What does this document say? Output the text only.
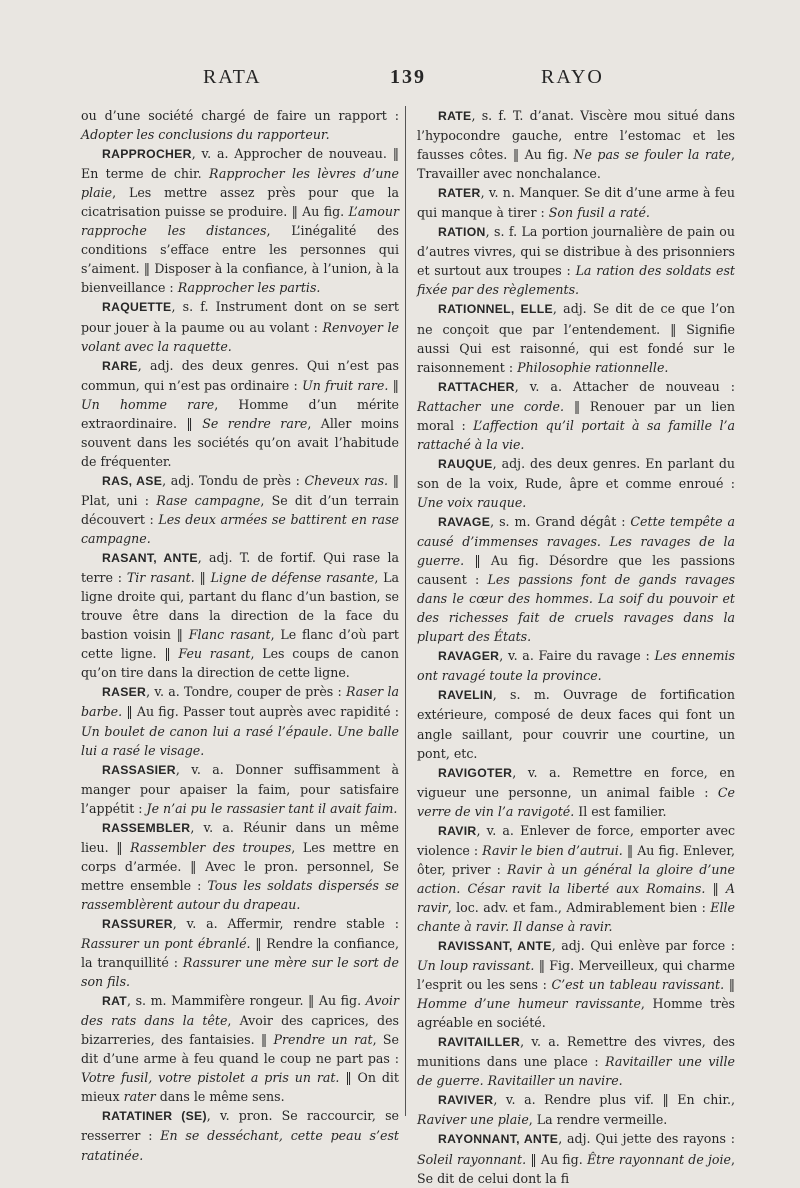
RATA	139	RAYO

ou d’une société chargé de faire un rapport : Adopter les conclusions du rapporteur.

RAPPROCHER, v. a. Approcher de nouveau. ‖ En terme de chir. Rapprocher les lèvres d’une plaie, Les mettre assez près pour que la cicatrisation puisse se produire. ‖ Au fig. L’amour rapproche les distances, L’inégalité des conditions s’efface entre les personnes qui s’aiment. ‖ Disposer à la confiance, à l’union, à la bienveillance : Rapprocher les partis.

RAQUETTE, s. f. Instrument dont on se sert pour jouer à la paume ou au volant : Renvoyer le volant avec la raquette.

RARE, adj. des deux genres. Qui n’est pas commun, qui n’est pas ordinaire : Un fruit rare. ‖ Un homme rare, Homme d’un mérite extraordinaire. ‖ Se rendre rare, Aller moins souvent dans les sociétés qu’on avait l’habitude de fréquenter.

RAS, ASE, adj. Tondu de près : Cheveux ras. ‖ Plat, uni : Rase campagne, Se dit d’un terrain découvert : Les deux armées se battirent en rase campagne.

RASANT, ANTE, adj. T. de fortif. Qui rase la terre : Tir rasant. ‖ Ligne de défense rasante, La ligne droite qui, partant du flanc d’un bastion, se trouve être dans la direction de la face du bastion voisin ‖ Flanc rasant, Le flanc d’où part cette ligne. ‖ Feu rasant, Les coups de canon qu’on tire dans la direction de cette ligne.

RASER, v. a. Tondre, couper de près : Raser la barbe. ‖ Au fig. Passer tout auprès avec rapidité : Un boulet de canon lui a rasé l’épaule. Une balle lui a rasé le visage.

RASSASIER, v. a. Donner suffisamment à manger pour apaiser la faim, pour satisfaire l’appétit : Je n’ai pu le rassasier tant il avait faim.

RASSEMBLER, v. a. Réunir dans un même lieu. ‖ Rassembler des troupes, Les mettre en corps d’armée. ‖ Avec le pron. personnel, Se mettre ensemble : Tous les soldats dispersés se rassemblèrent autour du drapeau.

RASSURER, v. a. Affermir, rendre stable : Rassurer un pont ébranlé. ‖ Rendre la confiance, la tranquillité : Rassurer une mère sur le sort de son fils.

RAT, s. m. Mammifère rongeur. ‖ Au fig. Avoir des rats dans la tête, Avoir des caprices, des bizarreries, des fantaisies. ‖ Prendre un rat, Se dit d’une arme à feu quand le coup ne part pas : Votre fusil, votre pistolet a pris un rat. ‖ On dit mieux rater dans le même sens.

RATATINER (SE), v. pron. Se raccourcir, se resserrer : En se desséchant, cette peau s’est ratatinée.

RATE, s. f. T. d’anat. Viscère mou situé dans l’hypocondre gauche, entre l’estomac et les fausses côtes. ‖ Au fig. Ne pas se fouler la rate, Travailler avec nonchalance.

RATER, v. n. Manquer. Se dit d’une arme à feu qui manque à tirer : Son fusil a raté.

RATION, s. f. La portion journalière de pain ou d’autres vivres, qui se distribue à des prisonniers et surtout aux troupes : La ration des soldats est fixée par des règlements.

RATIONNEL, ELLE, adj. Se dit de ce que l’on ne conçoit que par l’entendement. ‖ Signifie aussi Qui est raisonné, qui est fondé sur le raisonnement : Philosophie rationnelle.

RATTACHER, v. a. Attacher de nouveau : Rattacher une corde. ‖ Renouer par un lien moral : L’affection qu’il portait à sa famille l’a rattaché à la vie.

RAUQUE, adj. des deux genres. En parlant du son de la voix, Rude, âpre et comme enroué : Une voix rauque.

RAVAGE, s. m. Grand dégât : Cette tempête a causé d’immenses ravages. Les ravages de la guerre. ‖ Au fig. Désordre que les passions causent : Les passions font de gands ravages dans le cœur des hommes. La soif du pouvoir et des richesses fait de cruels ravages dans la plupart des États.

RAVAGER, v. a. Faire du ravage : Les ennemis ont ravagé toute la province.

RAVELIN, s. m. Ouvrage de fortification extérieure, composé de deux faces qui font un angle saillant, pour couvrir une courtine, un pont, etc.

RAVIGOTER, v. a. Remettre en force, en vigueur une personne, un animal faible : Ce verre de vin l’a ravigoté. Il est familier.

RAVIR, v. a. Enlever de force, emporter avec violence : Ravir le bien d’autrui. ‖ Au fig. Enlever, ôter, priver : Ravir à un général la gloire d’une action. César ravit la liberté aux Romains. ‖ A ravir, loc. adv. et fam., Admirablement bien : Elle chante à ravir. Il danse à ravir.

RAVISSANT, ANTE, adj. Qui enlève par force : Un loup ravissant. ‖ Fig. Merveilleux, qui charme l’esprit ou les sens : C’est un tableau ravissant. ‖ Homme d’une humeur ravissante, Homme très agréable en société.

RAVITAILLER, v. a. Remettre des vivres, des munitions dans une place : Ravitailler une ville de guerre. Ravitailler un navire.

RAVIVER, v. a. Rendre plus vif. ‖ En chir., Raviver une plaie, La rendre vermeille.

RAYONNANT, ANTE, adj. Qui jette des rayons : Soleil rayonnant. ‖ Au fig. Être rayonnant de joie, Se dit de celui dont la fi
